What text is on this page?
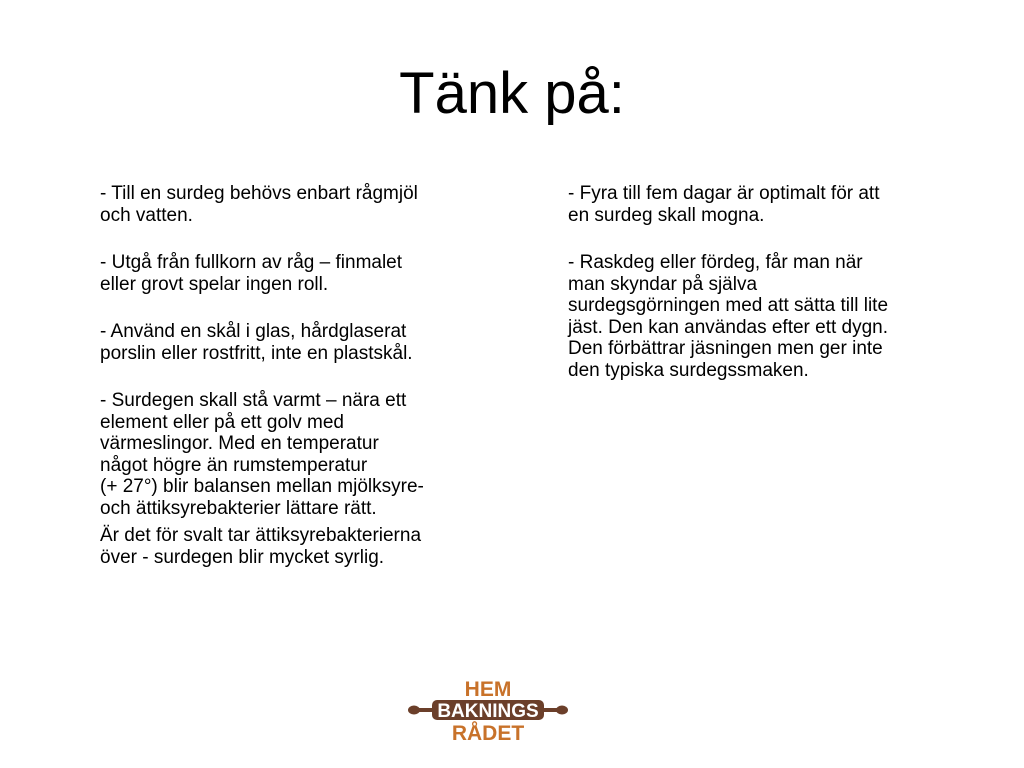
Tänk på:

- Till en surdeg behövs enbart rågmjöl
och vatten.

- Utgå från fullkorn av råg – finmalet
eller grovt spelar ingen roll.

- Använd en skål i glas, hårdglaserat
porslin eller rostfritt, inte en plastskål.

- Surdegen skall stå varmt – nära ett
element eller på ett golv med
värmeslingor. Med en temperatur
något högre än rumstemperatur
(+ 27°) blir balansen mellan mjölksyre-
och ättiksyrebakterier lättare rätt.

Är det för svalt tar ättiksyrebakterierna
över - surdegen blir mycket syrlig.

- Fyra till fem dagar är optimalt för att
en surdeg skall mogna.

- Raskdeg eller fördeg, får man när
man skyndar på själva
surdegsgörningen med att sätta till lite
jäst. Den kan användas efter ett dygn.
Den förbättrar jäsningen men ger inte
den typiska surdegssmaken.

HEM
BAKNINGS
RÅDET
